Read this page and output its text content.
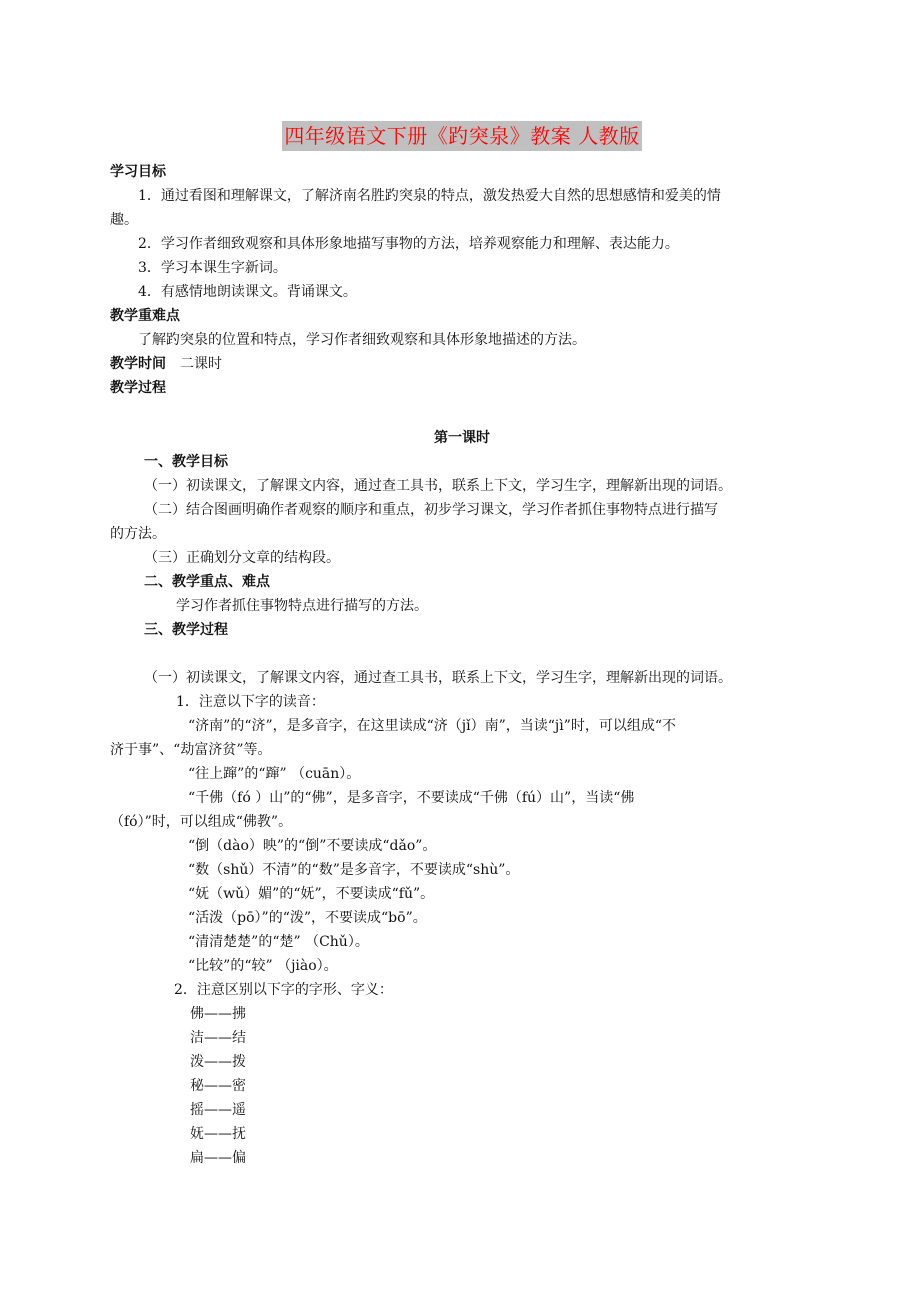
四年级语文下册《趵突泉》教案 人教版
学习目标
1．通过看图和理解课文，了解济南名胜趵突泉的特点，激发热爱大自然的思想感情和爱美的情
趣。
2．学习作者细致观察和具体形象地描写事物的方法，培养观察能力和理解、表达能力。
3．学习本课生字新词。
4．有感情地朗读课文。背诵课文。
教学重难点
了解趵突泉的位置和特点，学习作者细致观察和具体形象地描述的方法。
教学时间 二课时
教学过程
第一课时
一、教学目标
（一）初读课文，了解课文内容，通过查工具书，联系上下文，学习生字，理解新出现的词语。
（二）结合图画明确作者观察的顺序和重点，初步学习课文，学习作者抓住事物特点进行描写
的方法。
（三）正确划分文章的结构段。
二、教学重点、难点
学习作者抓住事物特点进行描写的方法。
三、教学过程
（一）初读课文，了解课文内容，通过查工具书，联系上下文，学习生字，理解新出现的词语。
1．注意以下字的读音：
“济南”的“济”，是多音字，在这里读成“济（jǐ）南”，当读“jì”时，可以组成“不
济于事”、“劫富济贫”等。
“往上蹿”的“蹿” （cuān）。
“千佛（fó ）山”的“佛”，是多音字，不要读成“千佛（fú）山”，当读“佛
（fó）”时，可以组成“佛教”。
“倒（dào）映”的“倒”不要读成“dǎo”。
“数（shǔ）不清”的“数”是多音字，不要读成“shù”。
“妩（wǔ）媚”的“妩”，不要读成“fǔ”。
“活泼（pō）”的“泼”，不要读成“bō”。
“清清楚楚”的“楚” （Chǔ）。
“比较”的“较” （jiào）。
2．注意区别以下字的字形、字义：
佛——拂
洁——结
泼——拨
秘——密
摇——遥
妩——抚
扁——偏
